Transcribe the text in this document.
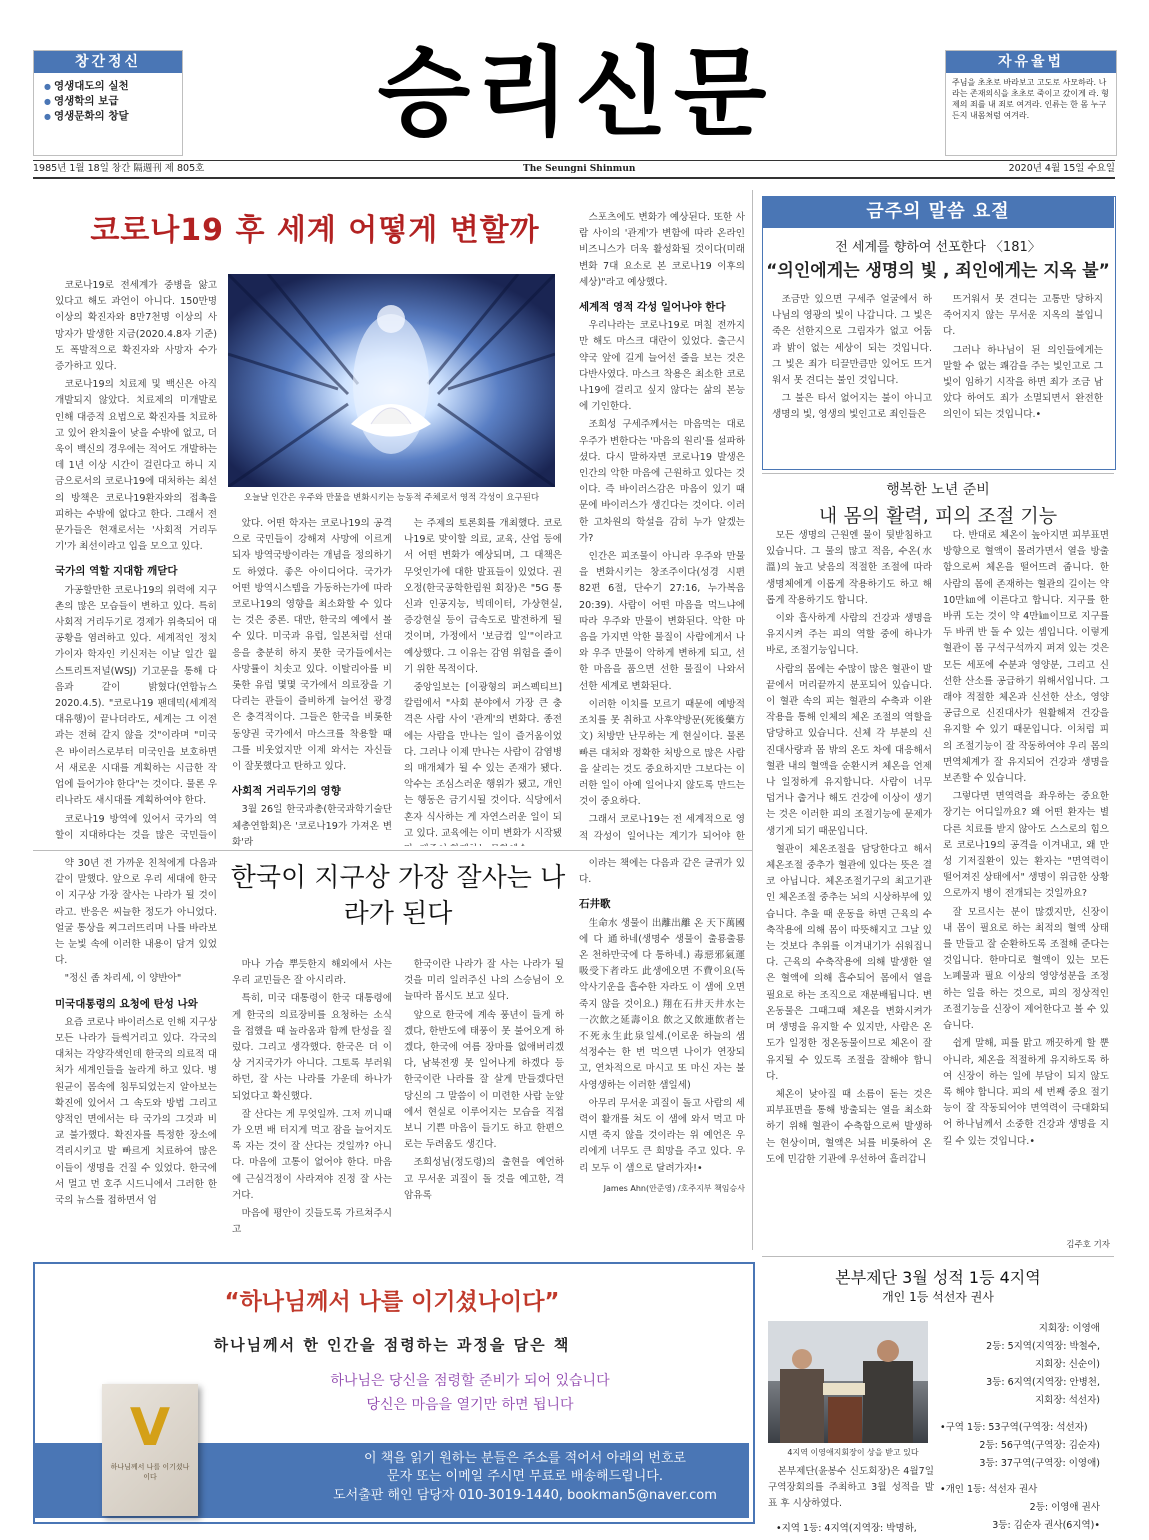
창간정신
● 영생대도의 실천
● 영생학의 보급
● 영생문화의 창달	승리신문	자유율법
주님을 초초로 바라보고 고도로 사모하라. 나라는 존재의식을 초초로 죽이고 갔이게 라. 형제의 죄를 내 죄로 여겨라. 인류는 한 몸 누구든지 내몸처럼 여겨라.
1985년 1월 18일 창간 隔週刊 제 805호	The Seungni Shinmun	2020년 4월 15일 수요일
코로나19 후 세계 어떻게 변할까

코로나19로 전세계가 중병을 앓고 있다고 해도 과언이 아니다. 150만명 이상의 확진자와 8만7천명 이상의 사망자가 발생한 지금(2020.4.8자 기준)도 폭발적으로 확진자와 사망자 수가 증가하고 있다.

코로나19의 치료제 및 백신은 아직 개발되지 않았다. 치료제의 미개발로 인해 대증적 요법으로 확진자를 치료하고 있어 완치율이 낮을 수밖에 없고, 더욱이 백신의 경우에는 적어도 개발하는 데 1년 이상 시간이 걸린다고 하니 지금으로서의 코로나19에 대처하는 최선의 방책은 코로나19환자와의 접촉을 피하는 수밖에 없다고 한다. 그래서 전문가들은 현재로서는 '사회적 거리두기'가 최선이라고 입을 모으고 있다.

국가의 역할 지대함 깨닫다

가공할만한 코로나19의 위력에 지구촌의 많은 모습들이 변하고 있다. 특히 사회적 거리두기로 경제가 위축되어 대공황을 염려하고 있다. 세계적인 정치가이자 학자인 키신저는 이날 일간 월스트리트저널(WSJ) 기고문을 통해 다음과 같이 밝혔다(연합뉴스 2020.4.5). "코로나19 팬데믹(세계적 대유행)이 끝나더라도, 세계는 그 이전과는 전혀 같지 않을 것"이라며 "미국은 바이러스로부터 미국인을 보호하면서 새로운 시대를 계획하는 시급한 작업에 들어가야 한다"는 것이다. 물론 우리나라도 새시대를 계획하여야 한다.

코로나19 방역에 있어서 국가의 역할이 지대하다는 것을 많은 국민들이

오늘날 인간은 우주와 만물을 변화시키는 능동적 주체로서 영적 각성이 요구된다

았다. 어떤 학자는 코로나19의 공격으로 국민들이 강해져 사망에 이르게 되자 방역국방이라는 개념을 정의하기도 하였다. 좋은 아이디어다. 국가가 어떤 방역시스템을 가동하는가에 따라 코로나19의 영향을 최소화할 수 있다는 것은 중론. 대만, 한국의 예에서 볼 수 있다. 미국과 유럽, 일본처럼 선대응을 충분히 하지 못한 국가들에서는 사망률이 치솟고 있다. 이탈리아를 비롯한 유럽 몇몇 국가에서 의료장을 기다리는 관들이 즐비하게 늘어선 광경은 충격적이다. 그들은 한국을 비롯한 동양권 국가에서 마스크를 착용할 때 그를 비웃었지만 이제 와서는 자신들이 잘못했다고 탄하고 있다.

사회적 거리두기의 영향

3월 26일 한국과총(한국과학기술단체총연합회)은 '코로나19가 가져온 변화'라

는 주제의 토론회를 개최했다. 코로나19로 맞이할 의료, 교육, 산업 등에서 어떤 변화가 예상되며, 그 대책은 무엇인가에 대한 발표들이 있었다. 권오정(한국공학한림원 회장)은 "5G 통신과 인공지능, 빅데이터, 가상현실, 증강현실 등이 급속도로 발전하게 될 것이며, 가정에서 '보금컴 일'"이라고 예상했다. 그 이유는 감염 위험을 줄이기 위한 목적이다.

중앙일보는 [이광형의 퍼스펙티브] 칼럼에서 "사회 분야에서 가장 큰 충격은 사람 사이 '관계'의 변화다. 종전에는 사람을 만나는 일이 즐거움이었다. 그러나 이제 만나는 사람이 감염병의 매개체가 될 수 있는 존재가 됐다. 악수는 조심스러운 행위가 됐고, 개인는 행동은 금기시될 것이다. 식당에서 혼자 식사하는 게 자연스러운 일이 되고 있다. 교육에는 이미 변화가 시작됐

스포츠에도 변화가 예상된다. 또한 사람 사이의 '관계'가 변함에 따라 온라인 비즈니스가 더욱 활성화될 것이다(미래 변화 7대 요소로 본 코로나19 이후의 세상)"라고 예상했다.

세계적 영적 각성 일어나야 한다

우리나라는 코로나19로 며칠 전까지만 해도 마스크 대란이 있었다. 출근시 약국 앞에 길게 늘어선 줄을 보는 것은 다반사였다. 마스크 착용은 최소한 코로나19에 걸리고 싶지 않다는 삶의 본능에 기인한다.

조희성 구세주께서는 마음먹는 대로 우주가 변한다는 '마음의 원리'를 설파하셨다. 다시 말하자면 코로나19 발생은 인간의 악한 마음에 근원하고 있다는 것이다. 즉 바이러스감은 마음이 있기 때문에 바이러스가 생긴다는 것이다. 이러한 고차원의 학설을 감히 누가 알겠는가?

인간은 피조물이 아니라 우주와 만물을 변화시키는 창조주이다(성경 시편 82편 6절, 단수기 27:16, 누가복음 20:39). 사람이 어떤 마음을 먹느냐에 따라 우주와 만물이 변화된다. 악한 마음을 가지면 악한 물질이 사람에게서 나와 우주 만물이 악하게 변하게 되고, 선한 마음을 품으면 선한 물질이 나와서 선한 세계로 변화된다.

이러한 이치를 모르기 때문에 예방적 조치를 못 취하고 사후약방문(死後藥方文) 처방만 난무하는 게 현실이다. 물론 빠른 대처와 정확한 처방으로 많은 사람을 살리는 것도 중요하지만 그보다는 이러한 일이 아예 일어나지 않도록 만드는 것이 중요하다.

그래서 코로나19는 전 세계적으로 영적 각성이 일어나는 계기가 되어야 한

금주의 말씀 요절
전 세계를 향하여 선포한다 〈181〉
“의인에게는 생명의 빛 , 죄인에게는 지옥 불”

조금만 있으면 구세주 얼굴에서 하나님의 영광의 빛이 나갑니다. 그 빛은 죽은 선한지으로 그림자가 없고 어둠과 밝이 없는 세상이 되는 것입니다. 그 빛은 죄가 티끌만큼만 있어도 뜨거워서 못 견디는 불인 것입니다.

그 불은 타서 없어지는 불이 아니고 생명의 빛, 영생의 빛인고로 죄인들은

뜨거워서 못 견디는 고통만 당하지 죽어지지 않는 무서운 지옥의 불입니다.

그러나 하나님이 된 의인들에게는 말할 수 없는 쾌감을 주는 빛인고로 그 빛이 임하기 시작을 하면 죄가 조금 남았다 하여도 죄가 소멸되면서 완전한 의인이 되는 것입니다.•

행복한 노년 준비
내 몸의 활력, 피의 조절 기능

모든 생명의 근원엔 물이 뒷받침하고 있습니다. 그 물의 많고 적음, 수온(水溫)의 높고 낮음의 적절한 조절에 따라 생명체에게 이롭게 작용하기도 하고 해롭게 작용하기도 합니다.

이와 흡사하게 사람의 건강과 생명을 유지시켜 주는 피의 역할 중에 하나가 바로, 조절기능입니다.

사람의 몸에는 수많이 많은 혈관이 발끝에서 머리끝까지 분포되어 있습니다. 이 혈관 속의 피는 혈관의 수축과 이완 작용을 통해 인체의 체온 조절의 역할을 담당하고 있습니다. 신체 각 부분의 신진대사량과 몸 밖의 온도 차에 대응해서 혈관 내의 혈액을 순환시켜 체온을 언제나 일정하게 유지합니다. 사람이 너무 덥거나 춥거나 해도 건강에 이상이 생기는 것은 이러한 피의 조절기능에 문제가 생기게 되기 때문입니다.

혈관이 체온조절을 담당한다고 해서 체온조절 중추가 혈관에 있다는 뜻은 결코 아닙니다. 체온조절기구의 최고기관인 체온조절 중추는 뇌의 시상하부에 있습니다. 추울 때 운동을 하면 근육의 수축작용에 의해 몸이 따뜻해지고 그날 있는 것보다 추위를 이겨내기가 쉬워집니다. 근육의 수축작용에 의해 발생한 열은 혈액에 의해 흡수되어 몸에서 열을 필요로 하는 조직으로 재분배됩니다. 변온동물은 그때그때 체온을 변화시켜가며 생명을 유지할 수 있지만, 사람은 온도가 일정한 정온동물이므로 체온이 잘 유지될 수 있도록 조절을 잘해야 합니다.

체온이 낮아질 때 소름이 돋는 것은 피부표면을 통해 방출되는 열을 최소화하기 위해 혈관이 수축함으로써 발생하는 현상이며, 혈액은 뇌를 비롯하여 온도에 민감한 기관에 우선하여 흘러갑니

다. 반대로 체온이 높아지면 피부표면 방향으로 혈액이 몰려가면서 열을 방출함으로써 체온을 떨어뜨려 줍니다. 한 사람의 몸에 존재하는 혈관의 길이는 약 10만㎞에 이른다고 합니다. 지구를 한 바퀴 도는 것이 약 4만㎞이므로 지구를 두 바퀴 반 돌 수 있는 셈입니다. 이렇게 혈관이 몸 구석구석까지 퍼져 있는 것은 모든 세포에 수분과 영양분, 그리고 신선한 산소를 공급하기 위해서입니다. 그래야 적절한 체온과 신선한 산소, 영양공급으로 신진대사가 원활해져 건강을 유지할 수 있기 때문입니다. 이처럼 피의 조절기능이 잘 작동하여야 우리 몸의 면역체계가 잘 유지되어 건강과 생명을 보존할 수 있습니다.

그렇다면 면역력을 좌우하는 중요한 장기는 어디일까요? 왜 어떤 환자는 별다른 치료를 받지 않아도 스스로의 힘으로 코로나19의 공격을 이겨내고, 왜 만성 기저질환이 있는 환자는 "면역력이 떨어져진 상태에서" 생명이 위급한 상황으로까지 병이 전개되는 것일까요?

잘 모르시는 분이 많겠지만, 신장이 내 몸이 필요로 하는 최적의 혈액 상태를 만들고 잘 순환하도록 조절해 준다는 것입니다. 한마디로 혈액이 있는 모든 노폐물과 필요 이상의 영양성분을 조정하는 일을 하는 것으로, 피의 정상적인 조절기능을 신장이 제어한다고 볼 수 있습니다.

쉽게 말해, 피를 맑고 깨끗하게 할 뿐 아니라, 체온을 적절하게 유지하도록 하여 신장이 하는 일에 부담이 되지 않도록 해야 합니다. 피의 세 번째 중요 절기능이 잘 작동되어야 면역력이 극대화되어 하나님께서 소중한 건강과 생명을 지킬 수 있는 것입니다.•

김주호 기자
한국이 지구상 가장 잘사는 나라가 된다

약 30년 전 가까운 친척에게 다음과 같이 말했다. 앞으로 우리 세대에 한국이 지구상 가장 잘사는 나라가 될 것이라고. 반응은 씨늘한 정도가 아니었다. 얼굴 통상을 찌그러뜨리며 나를 바라보는 눈빛 속에 이러한 내용이 담겨 있었다.

"정신 좀 차리세, 이 양반아"

미국대통령의 요청에 탄성 나와

요즘 코로나 바이러스로 인해 지구상 모든 나라가 들썩거리고 있다. 각국의 대처는 각양각색인데 한국의 의료적 대처가 세계인들을 놀라게 하고 있다. 병원균이 몸속에 침투되었는지 알아보는 확진에 있어서 그 속도와 방법 그리고 양적인 면에서는 타 국가의 그것과 비교 불가했다. 확진자를 특정한 장소에 격리시키고 발 빠르게 치료하여 많은 이들이 생명을 건질 수 있었다. 한국에서 멀고 먼 호주 시드니에서 그러한 한국의 뉴스를 접하면서 엄

마나 가슴 뿌듯한지 해외에서 사는 우리 교민들은 잘 아시리라.

특히, 미국 대통령이 한국 대통령에게 한국의 의료장비를 요청하는 소식을 접했을 때 놀라움과 함께 탄성을 질렀다. 그리고 생각했다. 한국은 더 이상 거지국가가 아니다. 그토록 부러워하던, 잘 사는 나라를 가운데 하나가 되었다고 확신했다.

잘 산다는 게 무엇일까. 그저 끼니때가 오면 배 터지게 먹고 잠을 늘어지도록 자는 것이 잘 산다는 것일까? 아니다. 마음에 고통이 없어야 한다. 마음에 근심걱정이 사라져야 진정 잘 사는 거다.

마음에 평안이 깃들도록 가르쳐주시고

한국이란 나라가 잘 사는 나라가 될 것을 미리 일러주신 나의 스승님이 오늘따라 몹시도 보고 싶다.

앞으로 한국에 계속 풍년이 들게 하겠다, 한반도에 태풍이 못 불어오게 하겠다, 한국에 여름 장마를 없애버리겠다, 남북전쟁 못 일어나게 하겠다 등 한국이란 나라를 잘 살게 만들겠다던 당신의 그 말씀이 이 미련한 사람 눈앞에서 현실로 이루어지는 모습을 직접 보니 기쁜 마음이 들기도 하고 한편으로는 두려움도 생긴다.

조희성님(정도령)의 출현을 예언하고 무서운 괴질이 돌 것을 예고한, 격암유록

이라는 책에는 다음과 같은 글귀가 있다.

石井歌

生命水 생물이 出離出離 온 天下萬國에 다 通하네(생명수 생물이 출룡출룡 온 천하만국에 다 통하네.) 毒惡邪氣運 吸受下者라도 此생에오면 不費이요(독악사기운을 흡수한 자라도 이 샘에 오면 죽지 않을 것이요.) 翔在石井天井水는 一次飲之延壽이요 飲之又飲連飲者는 不死永生此泉일세.(이로운 하늘의 샘 석정수는 한 번 먹으면 나이가 연장되고, 연차적으로 마시고 또 마신 자는 불사영생하는 이러한 샘일세)

아무리 무서운 괴질이 돌고 사람의 세력이 활개를 쳐도 이 샘에 와서 먹고 마시면 죽지 않을 것이라는 위 예언은 우리에게 너무도 큰 희망을 주고 있다. 우리 모두 이 샘으로 달려가자!•

James Ahn(안준영) /호주지부 책임승사
“하나님께서 나를 이기셨나이다”
하나님께서 한 인간을 점령하는 과정을 담은 책
하나님은 당신을 점령할 준비가 되어 있습니다
당신은 마음을 열기만 하면 됩니다
이 책을 읽기 원하는 분들은 주소를 적어서 아래의 번호로
문자 또는 이메일 주시면 무료로 배송해드립니다.
도서출판 해인 담당자 010-3019-1440, bookman5@naver.com
V
하나님께서 나를 이기셨나이다
본부제단 3월 성적 1등 4지역
개인 1등 석선자 권사
4지역 이영애지회장이 상을 받고 있다
지회장: 이영애
2등: 5지역(지역장: 박철수,
지회장: 신순이)
3등: 6지역(지역장: 안병천,
지회장: 석선자)
•구역 1등: 53구역(구역장: 석선자)
2등: 56구역(구역장: 김순자)
3등: 37구역(구역장: 이영애)
•개인 1등: 석선자 권사
2등: 이영애 권사
3등: 김순자 권사(6지역)•

본부제단(윤봉수 신도회장)은 4월7일 구역장회의를 주최하고 3월 성적을 발표 후 시상하였다.

•지역 1등: 4지역(지역장: 박명하,
